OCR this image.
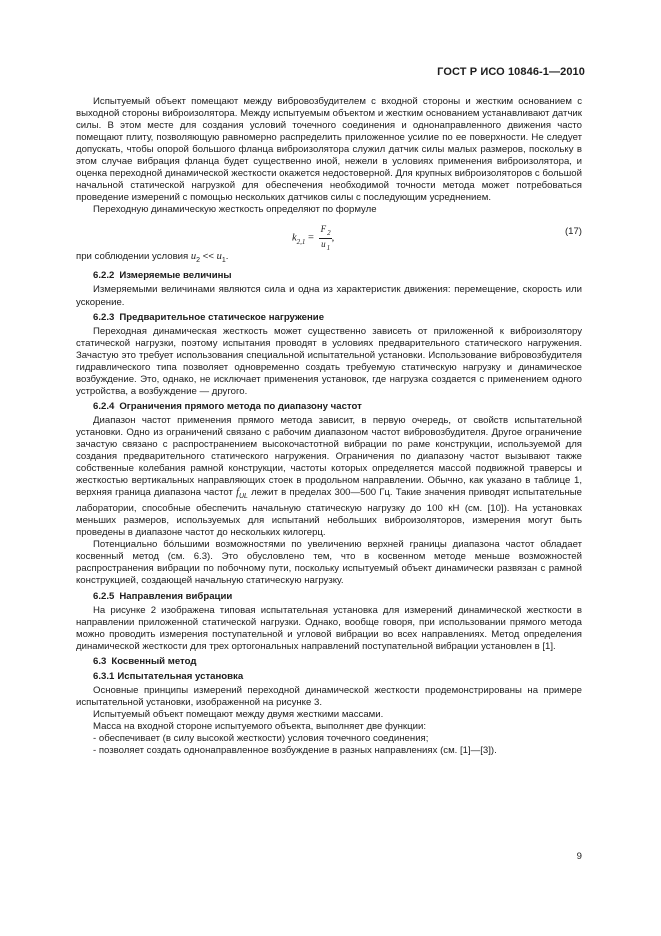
ГОСТ Р ИСО 10846-1—2010

Испытуемый объект помещают между вибровозбудителем с входной стороны и жестким основанием с выходной стороны виброизолятора. Между испытуемым объектом и жестким основанием устанавливают датчик силы. В этом месте для создания условий точечного соединения и однонаправленного движения часто помещают плиту, позволяющую равномерно распределить приложенное усилие по ее поверхности. Не следует допускать, чтобы опорой большого фланца виброизолятора служил датчик силы малых размеров, поскольку в этом случае вибрация фланца будет существенно иной, нежели в условиях применения виброизолятора, и оценка переходной динамической жесткости окажется недостоверной. Для крупных виброизоляторов с большой начальной статической нагрузкой для обеспечения необходимой точности метода может потребоваться проведение измерений с помощью нескольких датчиков силы с последующим усреднением.

Переходную динамическую жесткость определяют по формуле

$k_{2,1} = \frac{F_2}{u_1}$ ,
(17)

при соблюдении условия $u_2 << u_1$.

6.2.2 Измеряемые величины

Измеряемыми величинами являются сила и одна из характеристик движения: перемещение, скорость или ускорение.

6.2.3 Предварительное статическое нагружение

Переходная динамическая жесткость может существенно зависеть от приложенной к виброизолятору статической нагрузки, поэтому испытания проводят в условиях предварительного статического нагружения. Зачастую это требует использования специальной испытательной установки. Использование вибровозбудителя гидравлического типа позволяет одновременно создать требуемую статическую нагрузку и динамическое возбуждение. Это, однако, не исключает применения установок, где нагрузка создается с применением одного устройства, а возбуждение — другого.

6.2.4 Ограничения прямого метода по диапазону частот

Диапазон частот применения прямого метода зависит, в первую очередь, от свойств испытательной установки. Одно из ограничений связано с рабочим диапазоном частот вибровозбудителя. Другое ограничение зачастую связано с распространением высокочастотной вибрации по раме конструкции, используемой для создания предварительного статического нагружения. Ограничения по диапазону частот вызывают также собственные колебания рамной конструкции, частоты которых определяется массой подвижной траверсы и жесткостью вертикальных направляющих стоек в продольном направлении. Обычно, как указано в таблице 1, верхняя граница диапазона частот $f_{UL}$ лежит в пределах 300—500 Гц. Такие значения приводят испытательные лаборатории, способные обеспечить начальную статическую нагрузку до 100 кН (см. [10]). На установках меньших размеров, используемых для испытаний небольших виброизоляторов, измерения могут быть проведены в диапазоне частот до нескольких килогерц.

Потенциально бóльшими возможностями по увеличению верхней границы диапазона частот обладает косвенный метод (см. 6.3). Это обусловлено тем, что в косвенном методе меньше возможностей распространения вибрации по побочному пути, поскольку испытуемый объект динамически развязан с рамной конструкцией, создающей начальную статическую нагрузку.

6.2.5 Направления вибрации

На рисунке 2 изображена типовая испытательная установка для измерений динамической жесткости в направлении приложенной статической нагрузки. Однако, вообще говоря, при использовании прямого метода можно проводить измерения поступательной и угловой вибрации во всех направлениях. Метод определения динамической жесткости для трех ортогональных направлений поступательной вибрации установлен в [1].

6.3 Косвенный метод

6.3.1 Испытательная установка

Основные принципы измерений переходной динамической жесткости продемонстрированы на примере испытательной установки, изображенной на рисунке 3.

Испытуемый объект помещают между двумя жесткими массами.

Масса на входной стороне испытуемого объекта, выполняет две функции:

- обеспечивает (в силу высокой жесткости) условия точечного соединения;

- позволяет создать однонаправленное возбуждение в разных направлениях (см. [1]—[3]).

9
